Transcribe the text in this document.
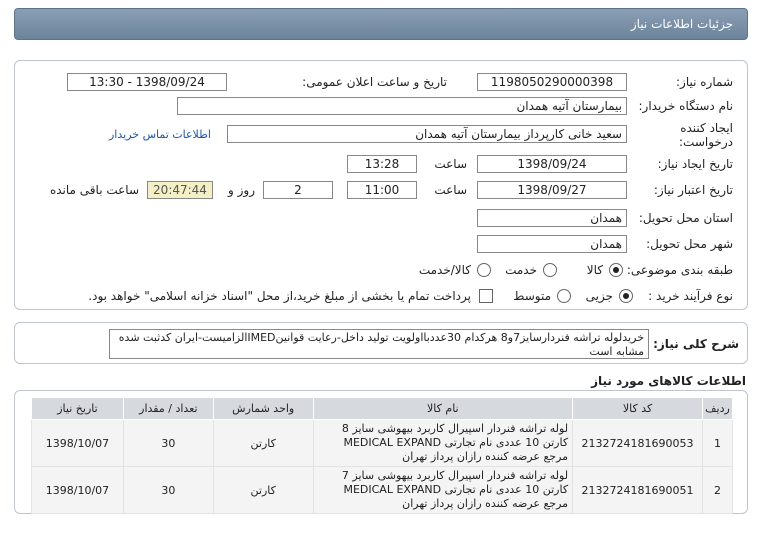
جزئیات اطلاعات نیاز
شماره نیاز:
1198050290000398
تاریخ و ساعت اعلان عمومی:
1398/09/24 - 13:30
نام دستگاه خریدار:
بیمارستان آتیه همدان
ایجاد کننده درخواست:
سعید خانی کارپرداز بیمارستان آتیه همدان
اطلاعات تماس خریدار
تاریخ ایجاد نیاز:
1398/09/24
ساعت
13:28
تاریخ اعتبار نیاز:
1398/09/27
ساعت
11:00
2
روز و
20:47:44
ساعت باقی مانده
استان محل تحویل:
همدان
شهر محل تحویل:
همدان
طبقه بندی موضوعی:
کالا
خدمت
کالا/خدمت
نوع فرآیند خرید :
جزیی
متوسط
پرداخت تمام یا بخشی از مبلغ خرید،از محل "اسناد خزانه اسلامی" خواهد بود.
شرح کلی نیاز:
خریدلوله تراشه فنردارسایز7و8 هرکدام 30عددبااولویت تولید داخل-رعایت قوانینIMEDالزامیست-ایران کدثبت شده مشابه است
اطلاعات کالاهای مورد نیاز
ردیف	کد کالا	نام کالا	واحد شمارش	تعداد / مقدار	تاریخ نیاز
1	2132724181690053	لوله تراشه فنردار اسپیرال کاربرد بیهوشی سایز 8 کارتن 10 عددی نام تجارتی MEDICAL EXPAND مرجع عرضه کننده رازان پرداز تهران	کارتن	30	1398/10/07
2	2132724181690051	لوله تراشه فنردار اسپیرال کاربرد بیهوشی سایز 7 کارتن 10 عددی نام تجارتی MEDICAL EXPAND مرجع عرضه کننده رازان پرداز تهران	کارتن	30	1398/10/07
